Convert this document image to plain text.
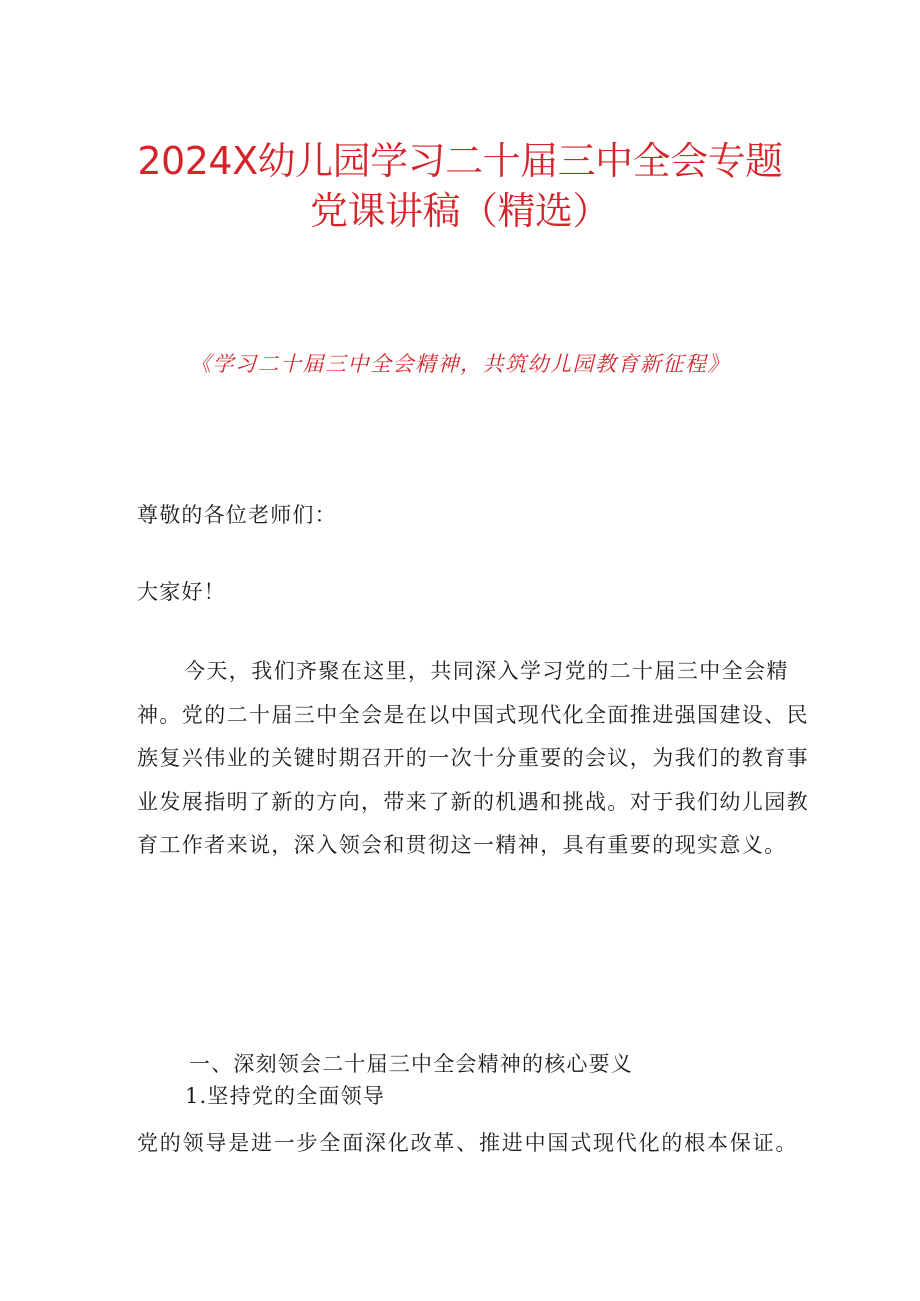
2024X幼儿园学习二十届三中全会专题
党课讲稿（精选）
《学习二十届三中全会精神，共筑幼儿园教育新征程》
尊敬的各位老师们：
大家好！
今天，我们齐聚在这里，共同深入学习党的二十届三中全会精神。党的二十届三中全会是在以中国式现代化全面推进强国建设、民族复兴伟业的关键时期召开的一次十分重要的会议，为我们的教育事业发展指明了新的方向，带来了新的机遇和挑战。对于我们幼儿园教育工作者来说，深入领会和贯彻这一精神，具有重要的现实意义。
一、深刻领会二十届三中全会精神的核心要义
1.坚持党的全面领导
党的领导是进一步全面深化改革、推进中国式现代化的根本保证。
